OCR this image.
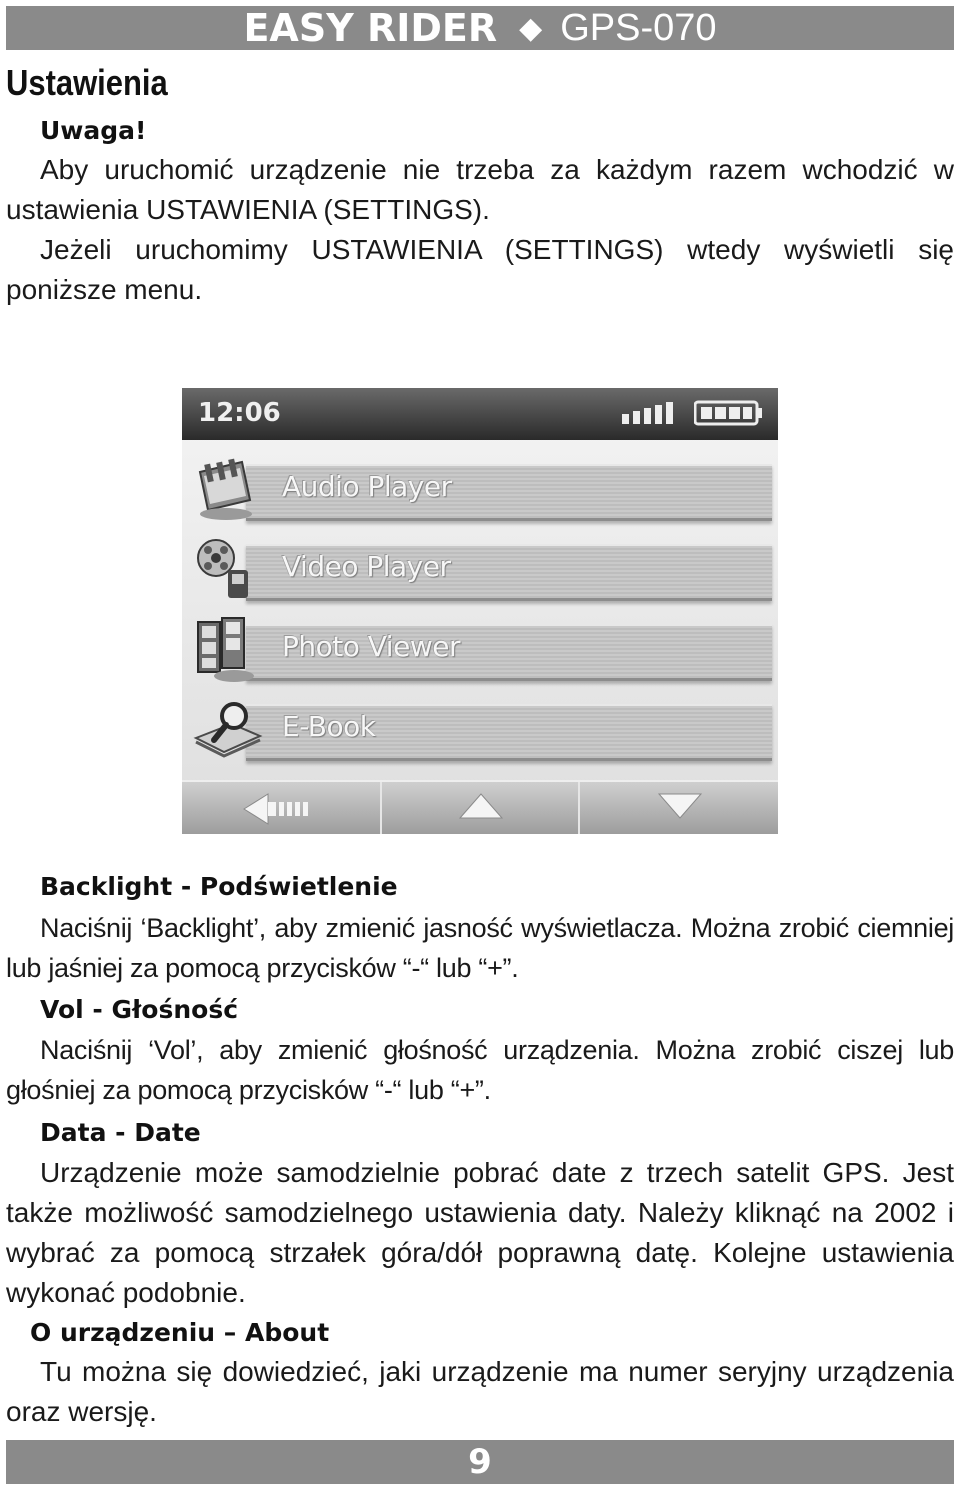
EASY RIDER ◆ GPS-070
Ustawienia
Uwaga!

Aby uruchomić urządzenie nie trzeba za każdym razem wchodzić w ustawienia USTAWIENIA (SETTINGS).

Jeżeli uruchomimy USTAWIENIA (SETTINGS) wtedy wyświetli się poniższe menu.

12:06
Audio Player
Video Player
Photo Viewer
E-Book
Backlight - Podświetlenie

Naciśnij ‘Backlight’, aby zmienić jasność wyświetlacza. Można zrobić ciemniej lub jaśniej za pomocą przycisków “-“ lub “+”.

Vol - Głośność

Naciśnij ‘Vol’, aby zmienić głośność urządzenia. Można zrobić ciszej lub głośniej za pomocą przycisków “-“ lub “+”.

Data - Date

Urządzenie może samodzielnie pobrać date z trzech satelit GPS. Jest także możliwość samodzielnego ustawienia daty. Należy kliknąć na 2002 i wybrać za pomocą strzałek góra/dół poprawną datę. Kolejne ustawienia wykonać podobnie.

O urządzeniu – About

Tu można się dowiedzieć, jaki urządzenie ma numer seryjny urządzenia oraz wersję.

9
